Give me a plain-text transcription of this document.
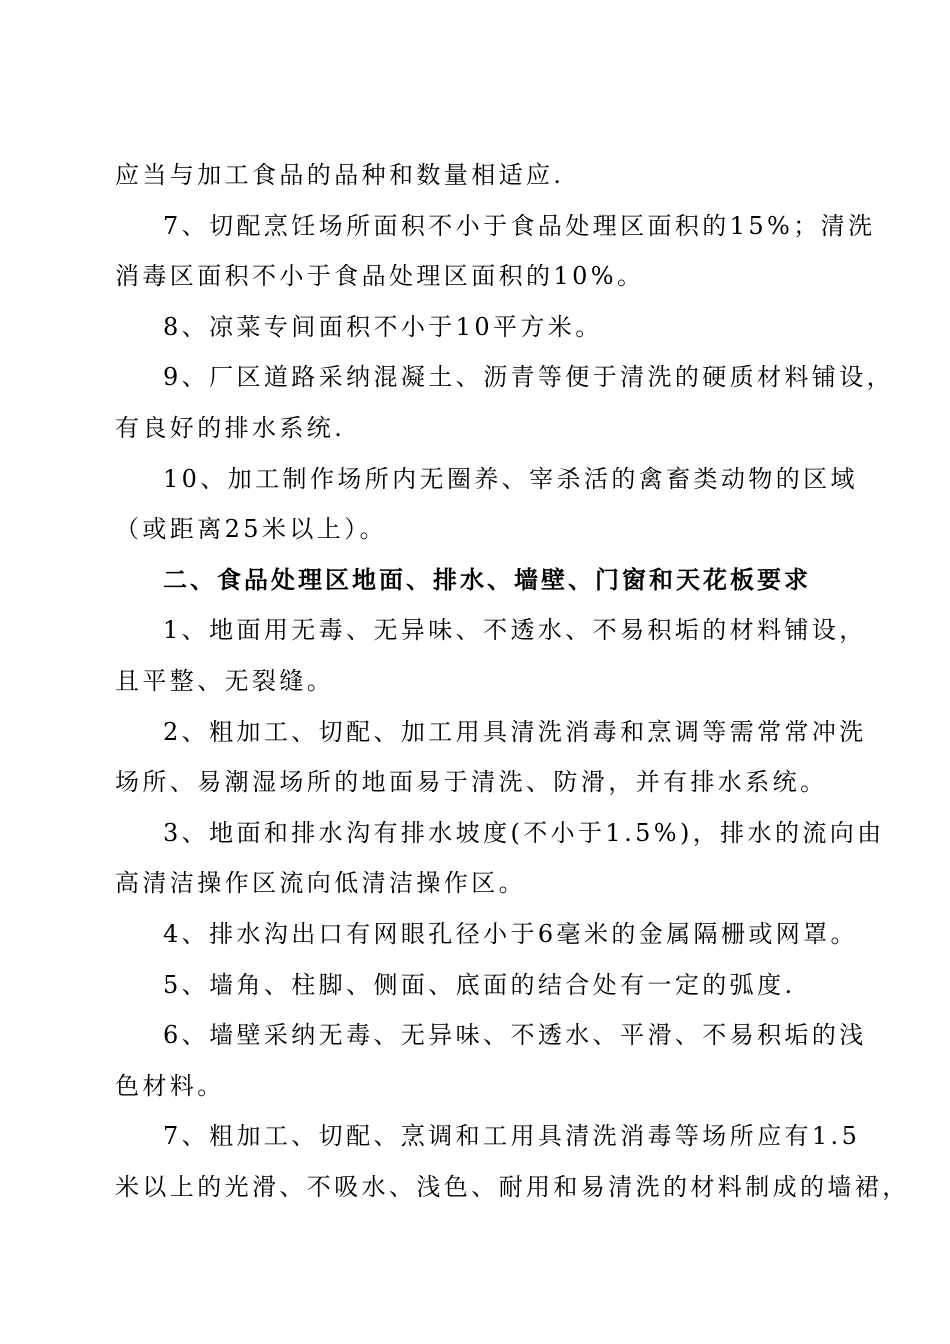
应当与加工食品的品种和数量相适应.
7、切配烹饪场所面积不小于食品处理区面积的15%；清洗
消毒区面积不小于食品处理区面积的10%。
8、凉菜专间面积不小于10平方米。
9、厂区道路采纳混凝土、沥青等便于清洗的硬质材料铺设，
有良好的排水系统.
10、加工制作场所内无圈养、宰杀活的禽畜类动物的区域
（或距离25米以上）。
二、食品处理区地面、排水、墙壁、门窗和天花板要求
1、地面用无毒、无异味、不透水、不易积垢的材料铺设，
且平整、无裂缝。
2、粗加工、切配、加工用具清洗消毒和烹调等需常常冲洗
场所、易潮湿场所的地面易于清洗、防滑，并有排水系统。
3、地面和排水沟有排水坡度(不小于1.5%)，排水的流向由
高清洁操作区流向低清洁操作区。
4、排水沟出口有网眼孔径小于6毫米的金属隔栅或网罩。
5、墙角、柱脚、侧面、底面的结合处有一定的弧度.
6、墙壁采纳无毒、无异味、不透水、平滑、不易积垢的浅
色材料。
7、粗加工、切配、烹调和工用具清洗消毒等场所应有1.5
米以上的光滑、不吸水、浅色、耐用和易清洗的材料制成的墙裙，
